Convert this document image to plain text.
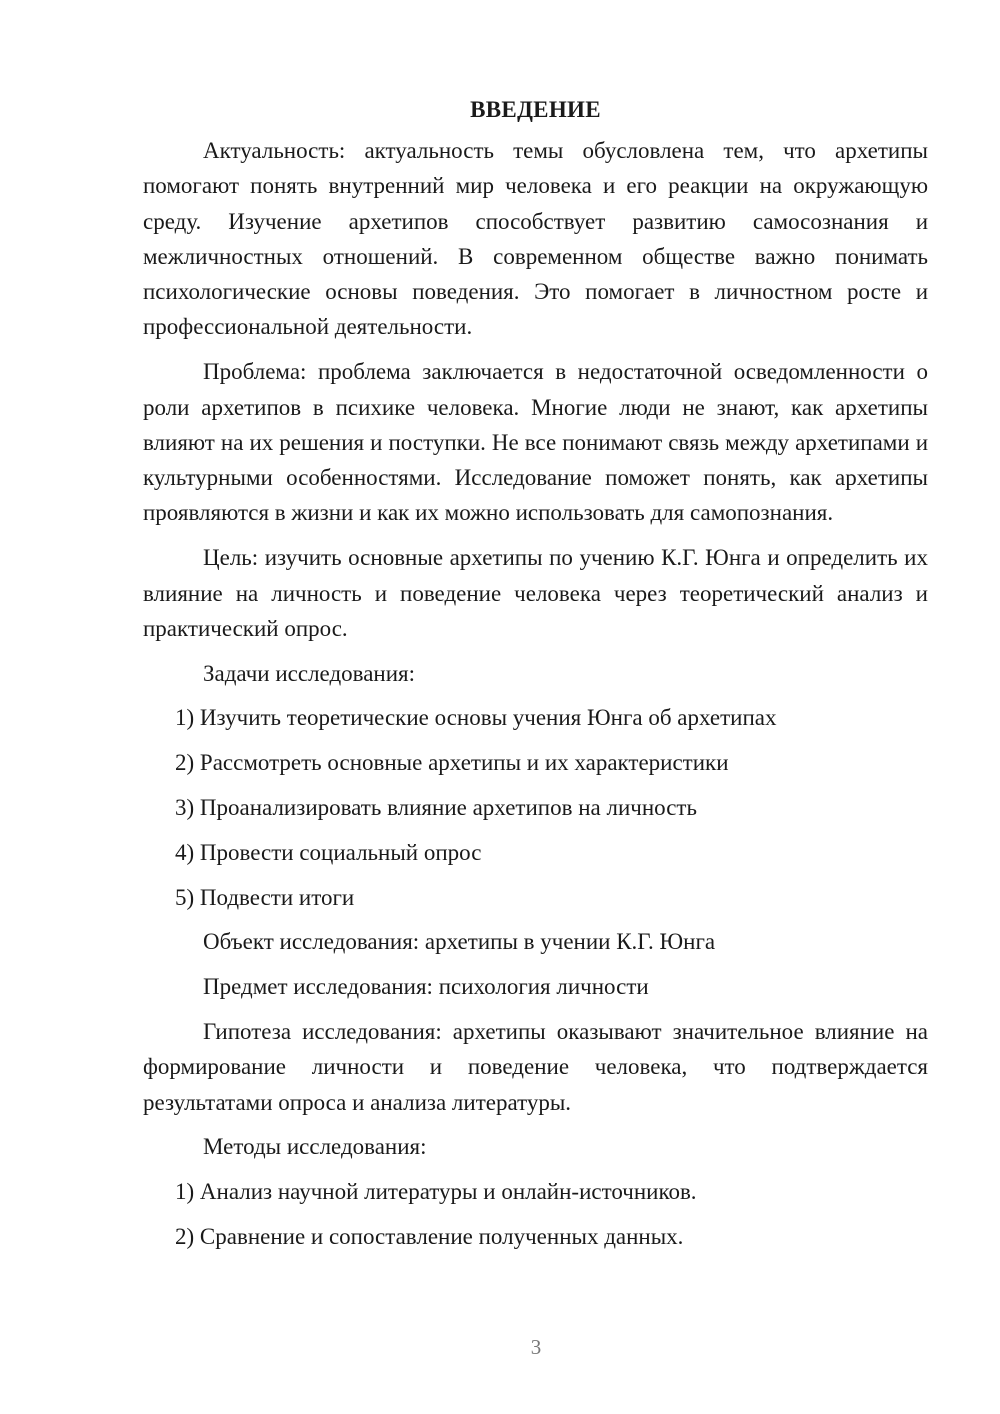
ВВЕДЕНИЕ

Актуальность: актуальность темы обусловлена тем, что архетипы помогают понять внутренний мир человека и его реакции на окружающую среду. Изучение архетипов способствует развитию самосознания и межличностных отношений. В современном обществе важно понимать психологические основы поведения. Это помогает в личностном росте и профессиональной деятельности.

Проблема: проблема заключается в недостаточной осведомленности о роли архетипов в психике человека. Многие люди не знают, как архетипы влияют на их решения и поступки. Не все понимают связь между архетипами и культурными особенностями. Исследование поможет понять, как архетипы проявляются в жизни и как их можно использовать для самопознания.

Цель: изучить основные архетипы по учению К.Г. Юнга и определить их влияние на личность и поведение человека через теоретический анализ и практический опрос.

Задачи исследования:

1) Изучить теоретические основы учения Юнга об архетипах

2) Рассмотреть основные архетипы и их характеристики

3) Проанализировать влияние архетипов на личность

4) Провести социальный опрос

5) Подвести итоги

Объект исследования: архетипы в учении К.Г. Юнга

Предмет исследования: психология личности

Гипотеза исследования: архетипы оказывают значительное влияние на формирование личности и поведение человека, что подтверждается результатами опроса и анализа литературы.

Методы исследования:

1) Анализ научной литературы и онлайн-источников.

2) Сравнение и сопоставление полученных данных.

3
